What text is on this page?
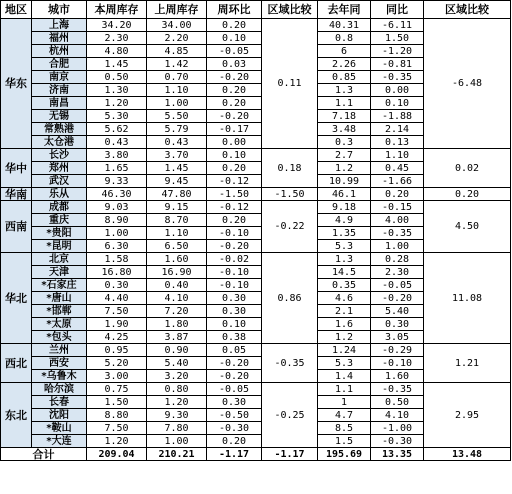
地区	城市	本周库存	上周库存	周环比	区域比较	去年同	同比	区域比较
华东	上海	34.20	34.00	0.20	0.11	40.31	-6.11	-6.48
	福州	2.30	2.20	0.10		0.8	1.50	
	杭州	4.80	4.85	-0.05		6	-1.20	
	合肥	1.45	1.42	0.03		2.26	-0.81	
	南京	0.50	0.70	-0.20		0.85	-0.35	
	济南	1.30	1.10	0.20		1.3	0.00	
	南昌	1.20	1.00	0.20		1.1	0.10	
	无锡	5.30	5.50	-0.20		7.18	-1.88	
	常熟港	5.62	5.79	-0.17		3.48	2.14	
	太仓港	0.43	0.43	0.00		0.3	0.13	
华中	长沙	3.80	3.70	0.10	0.18	2.7	1.10	0.02
	郑州	1.65	1.45	0.20		1.2	0.45	
	武汉	9.33	9.45	-0.12		10.99	-1.66	
华南	乐从	46.30	47.80	-1.50	-1.50	46.1	0.20	0.20
西南	成都	9.03	9.15	-0.12	-0.22	9.18	-0.15	4.50
	重庆	8.90	8.70	0.20		4.9	4.00	
	*贵阳	1.00	1.10	-0.10		1.35	-0.35	
	*昆明	6.30	6.50	-0.20		5.3	1.00	
华北	北京	1.58	1.60	-0.02	0.86	1.3	0.28	11.08
	天津	16.80	16.90	-0.10		14.5	2.30	
	*石家庄	0.30	0.40	-0.10		0.35	-0.05	
	*唐山	4.40	4.10	0.30		4.6	-0.20	
	*邯郸	7.50	7.20	0.30		2.1	5.40	
	*太原	1.90	1.80	0.10		1.6	0.30	
	*包头	4.25	3.87	0.38		1.2	3.05	
西北	兰州	0.95	0.90	0.05	-0.35	1.24	-0.29	1.21
	西安	5.20	5.40	-0.20		5.3	-0.10	
	*乌鲁木	3.00	3.20	-0.20		1.4	1.60	
东北	哈尔滨	0.75	0.80	-0.05	-0.25	1.1	-0.35	2.95
	长春	1.50	1.20	0.30		1	0.50	
	沈阳	8.80	9.30	-0.50		4.7	4.10	
	*鞍山	7.50	7.80	-0.30		8.5	-1.00	
	*大连	1.20	1.00	0.20		1.5	-0.30	
合计		209.04	210.21	-1.17	-1.17	195.69	13.35	13.48
